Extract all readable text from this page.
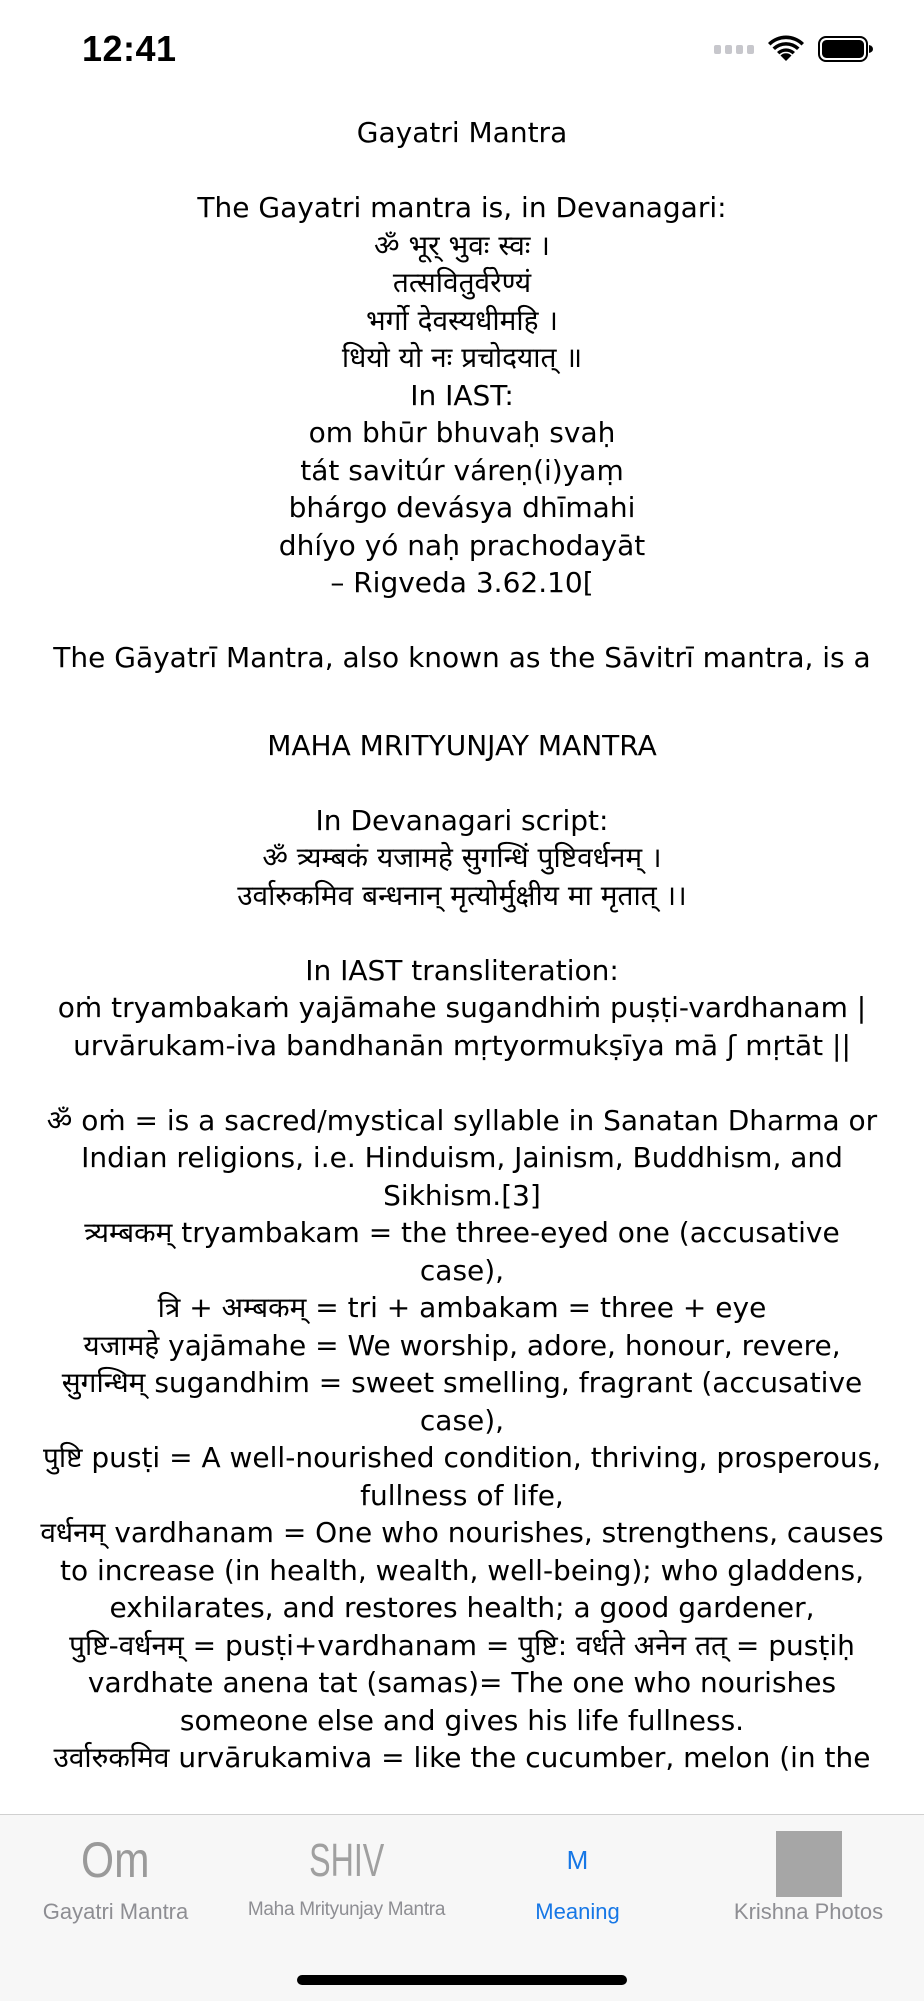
12:41

Gayatri Mantra

The Gayatri mantra is, in Devanagari:

ॐ भूर् भुवः स्वः ।

तत्सवितुर्वरेण्यं

भर्गो देवस्यधीमहि ।

धियो यो नः प्रचोदयात् ॥

In IAST:

om bhūr bhuvaḥ svaḥ

tát savitúr váreṇ(i)yaṃ

bhárgo devásya dhīmahi

dhíyo yó naḥ prachodayāt

– Rigveda 3.62.10[

The Gāyatrī Mantra, also known as the Sāvitrī mantra, is a

MAHA MRITYUNJAY MANTRA

In Devanagari script:

ॐ त्र्यम्बकं यजामहे सुगन्धिं पुष्टिवर्धनम् ।

उर्वारुकमिव बन्धनान् मृत्योर्मुक्षीय मा मृतात् ।।

In IAST transliteration:

oṁ tryambakaṁ yajāmahe sugandhiṁ puṣṭi-vardhanam |

urvārukam-iva bandhanān mṛtyormukṣīya mā ʃ mṛtāt ||

ॐ oṁ = is a sacred/mystical syllable in Sanatan Dharma or Indian religions, i.e. Hinduism, Jainism, Buddhism, and Sikhism.[3]

त्र्यम्बकम् tryambakam = the three-eyed one (accusative case),

त्रि + अम्बकम् = tri + ambakam = three + eye

यजामहे yajāmahe = We worship, adore, honour, revere,

सुगन्धिम् sugandhim = sweet smelling, fragrant (accusative case),

पुष्टि pusṭi = A well-nourished condition, thriving, prosperous, fullness of life,

वर्धनम् vardhanam = One who nourishes, strengthens, causes to increase (in health, wealth, well-being); who gladdens, exhilarates, and restores health; a good gardener,

पुष्टि-वर्धनम् = pusṭi+vardhanam = पुष्टि: वर्धते अनेन तत् = pusṭiḥ vardhate anena tat (samas)= The one who nourishes someone else and gives his life fullness.

उर्वारुकमिव urvārukamiva = like the cucumber, melon (in the

Om
Gayatri Mantra
SHIV
Maha Mrityunjay Mantra
M
Meaning	Krishna Photos
